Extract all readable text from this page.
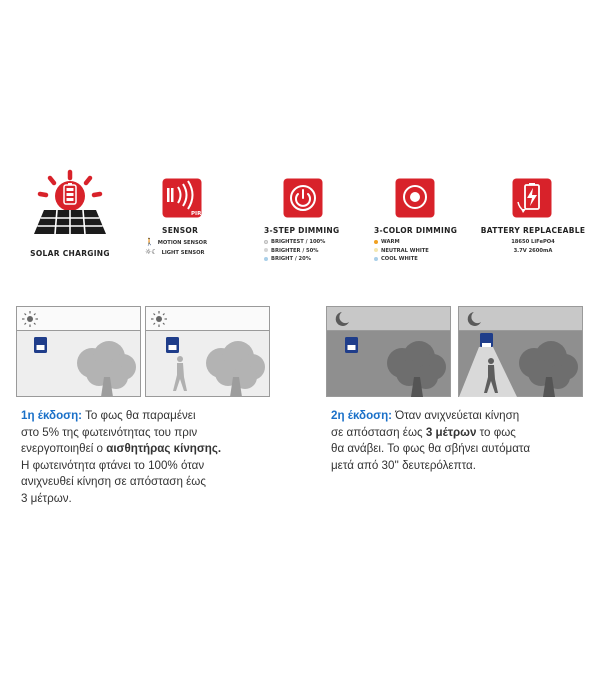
SOLAR CHARGING
PIR
SENSOR
🚶 MOTION SENSOR
☼☾ LIGHT SENSOR
3-STEP DIMMING
BRIGHTEST / 100%
BRIGHTER / 50%
BRIGHT / 20%
3-COLOR DIMMING
WARM
NEUTRAL WHITE
COOL WHITE
BATTERY REPLACEABLE
18650 LiFePO4
3.7V 2600mA
1η έκδοση: Το φως θα παραμένει
στο 5% της φωτεινότητας του πριν
ενεργοποιηθεί ο αισθητήρας κίνησης.
Η φωτεινότητα φτάνει το 100% όταν
ανιχνευθεί κίνηση σε απόσταση έως
3 μέτρων.
2η έκδοση: Όταν ανιχνεύεται κίνηση
σε απόσταση έως 3 μέτρων το φως
θα ανάβει. Το φως θα σβήνει αυτόματα
μετά από 30'' δευτερόλεπτα.
